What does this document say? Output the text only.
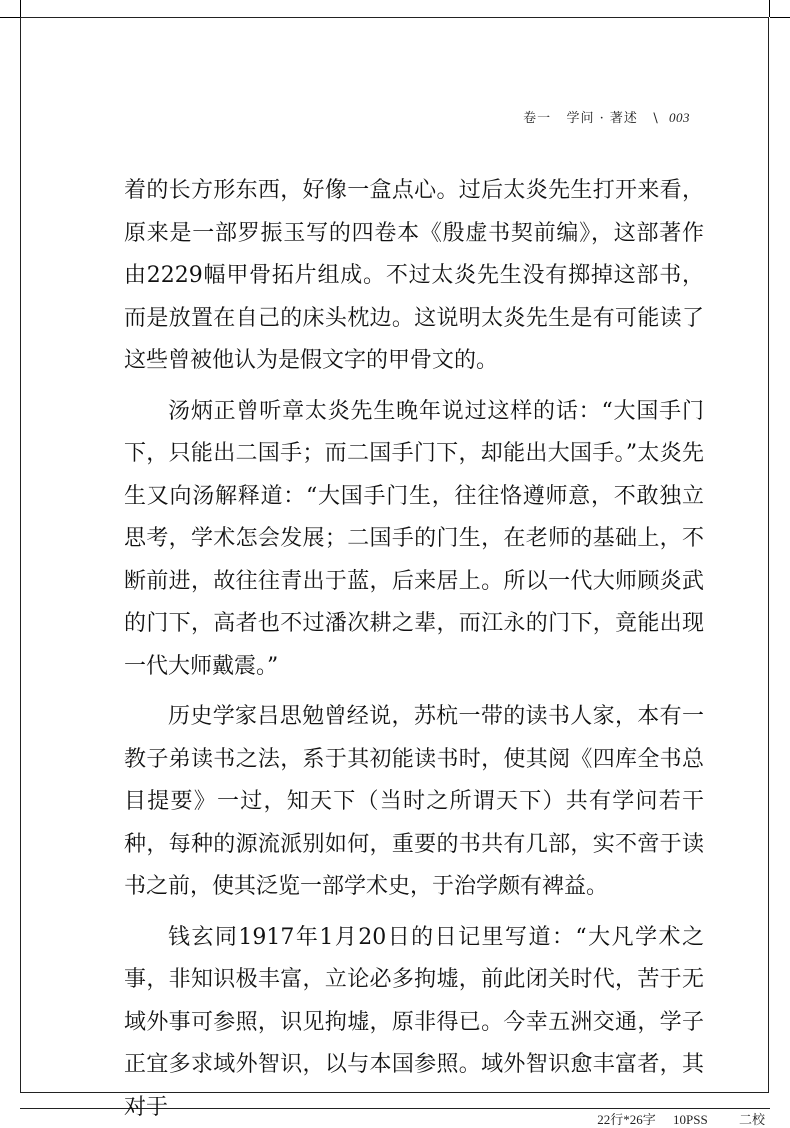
卷一 学问 · 著述 \ 003

着的长方形东西，好像一盒点心。过后太炎先生打开来看，原来是一部罗振玉写的四卷本《殷虚书契前编》，这部著作由2229幅甲骨拓片组成。不过太炎先生没有掷掉这部书，而是放置在自己的床头枕边。这说明太炎先生是有可能读了这些曾被他认为是假文字的甲骨文的。

汤炳正曾听章太炎先生晚年说过这样的话：“大国手门下，只能出二国手；而二国手门下，却能出大国手。”太炎先生又向汤解释道：“大国手门生，往往恪遵师意，不敢独立思考，学术怎会发展；二国手的门生，在老师的基础上，不断前进，故往往青出于蓝，后来居上。所以一代大师顾炎武的门下，高者也不过潘次耕之辈，而江永的门下，竟能出现一代大师戴震。”

历史学家吕思勉曾经说，苏杭一带的读书人家，本有一教子弟读书之法，系于其初能读书时，使其阅《四库全书总目提要》一过，知天下（当时之所谓天下）共有学问若干种，每种的源流派别如何，重要的书共有几部，实不啻于读书之前，使其泛览一部学术史，于治学颇有裨益。

钱玄同1917年1月20日的日记里写道：“大凡学术之事，非知识极丰富，立论必多拘墟，前此闭关时代，苦于无域外事可参照，识见拘墟，原非得已。今幸五洲交通，学子正宜多求域外智识，以与本国参照。域外智识愈丰富者，其对于	22行*26字 10PSS 二校
